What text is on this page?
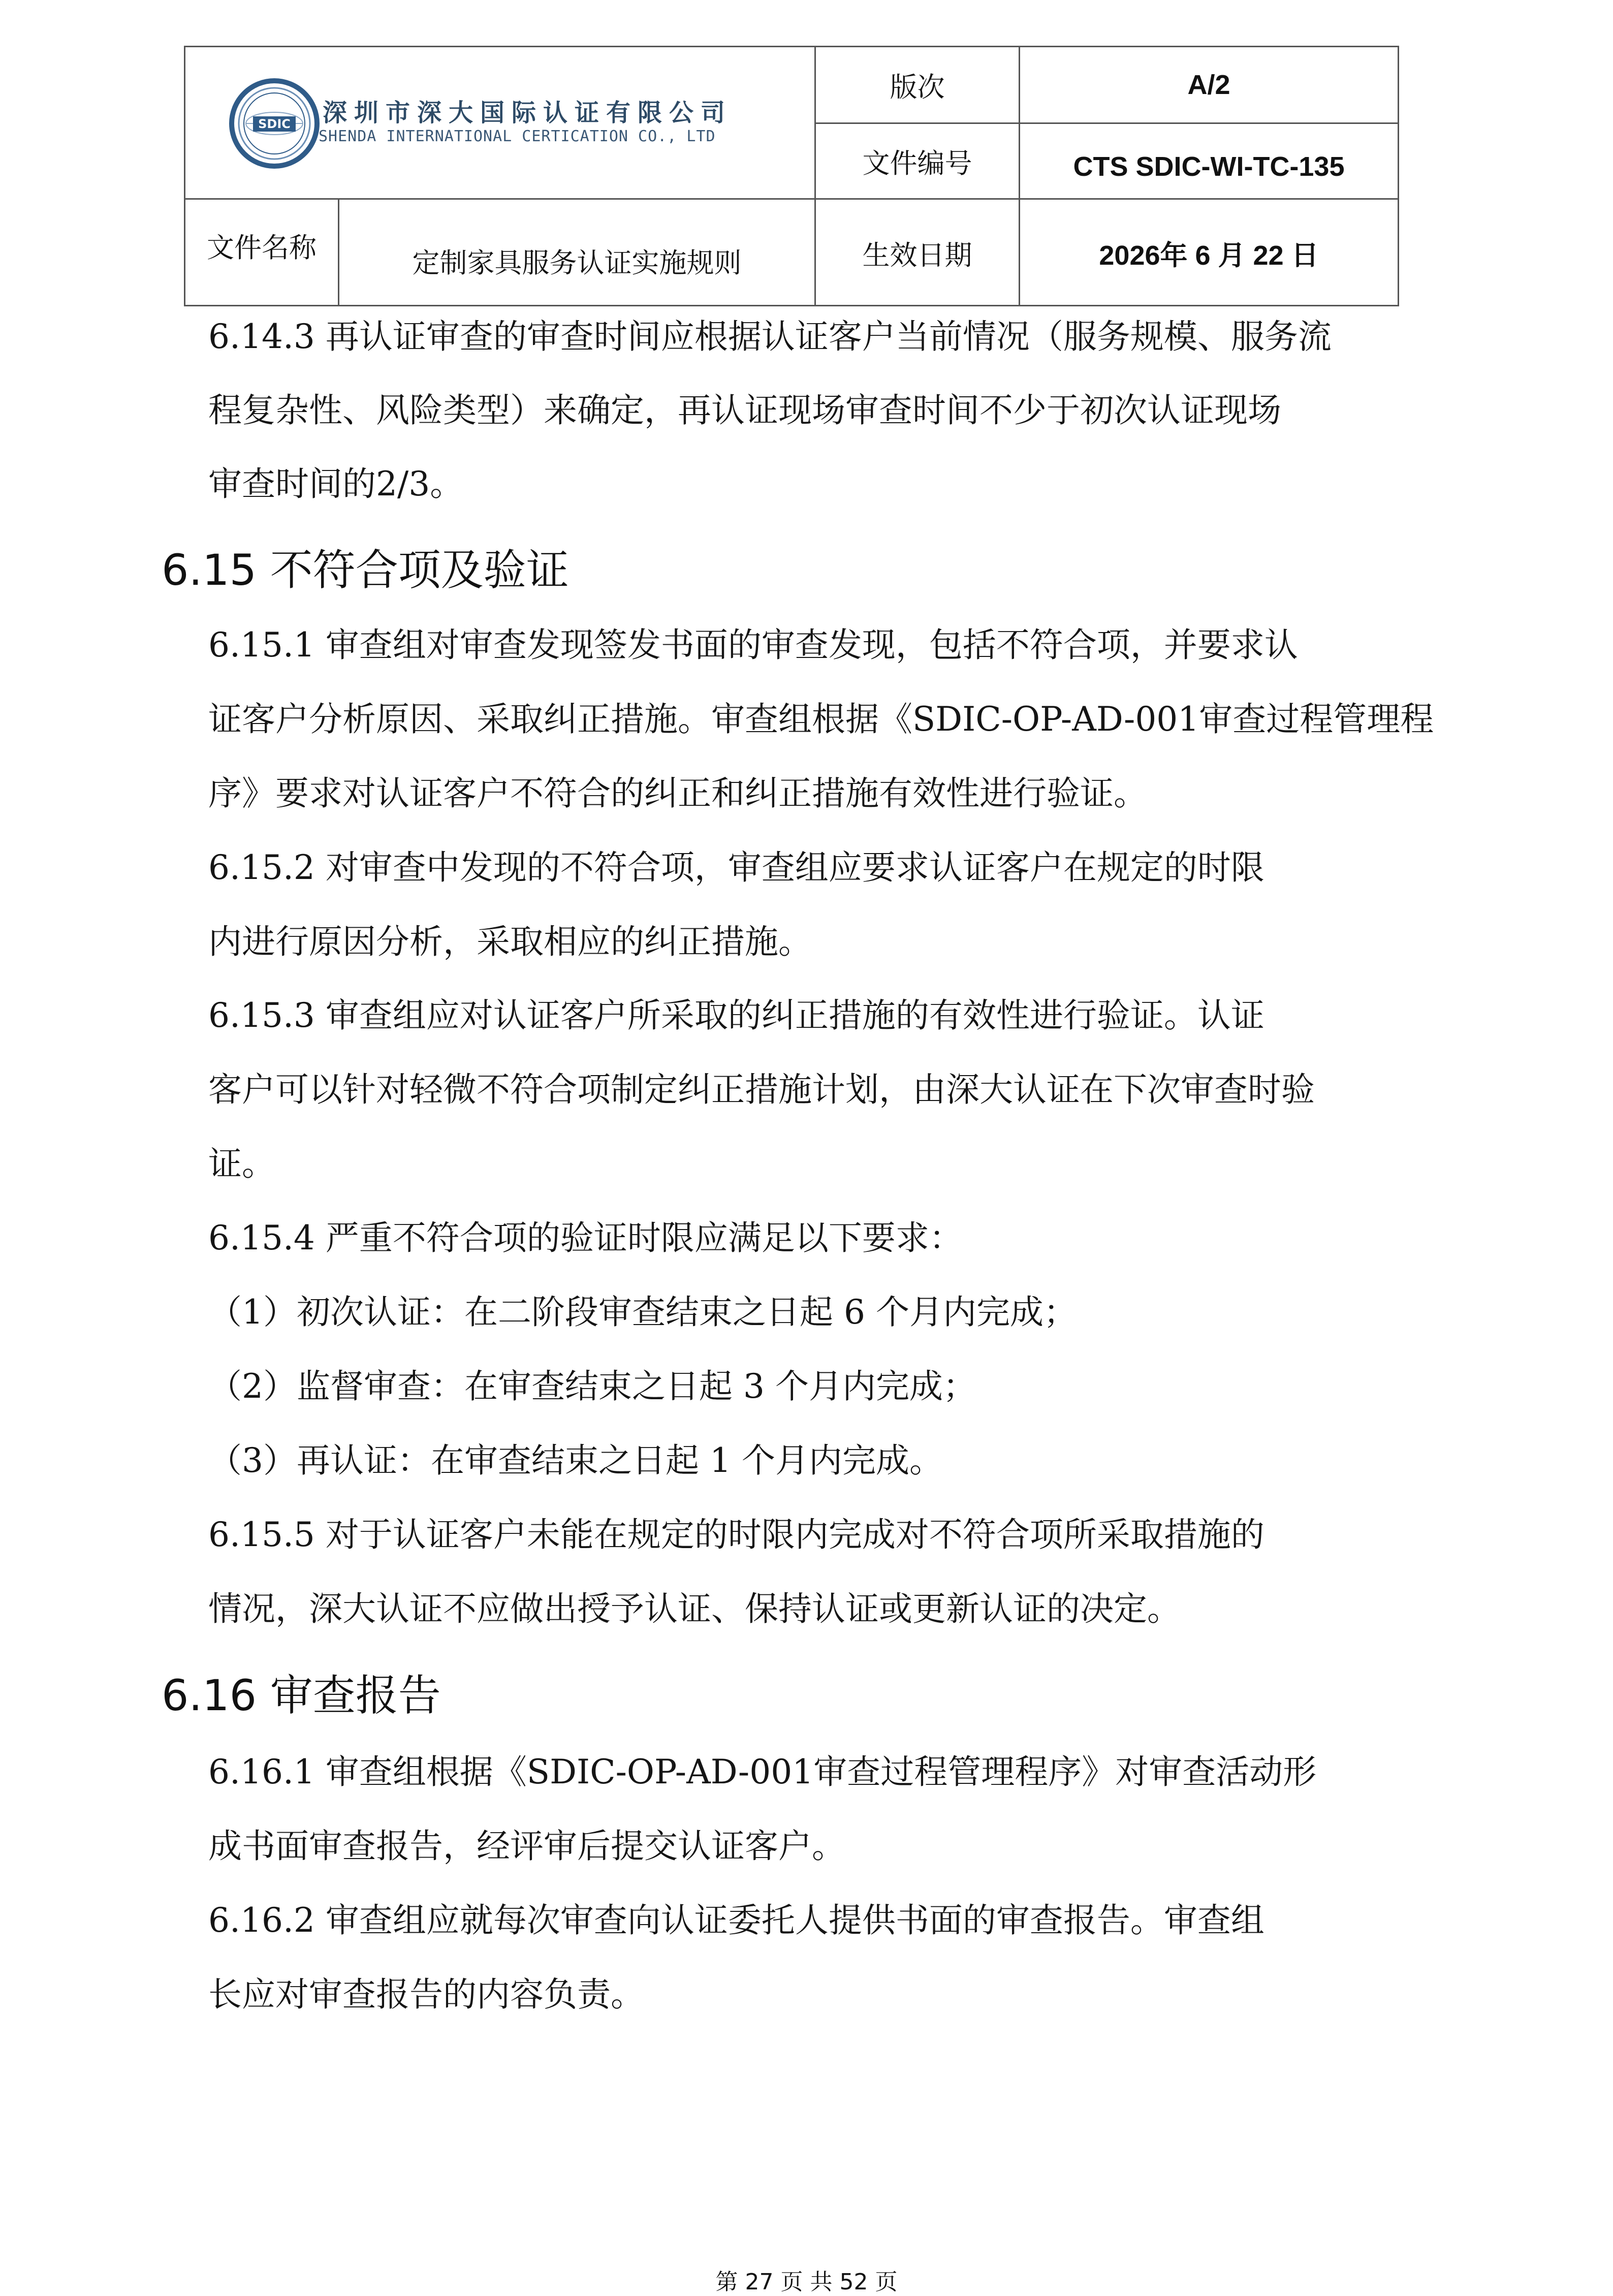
SDIC 深圳市深大国际认证有限公司
SHENDA INTERNATIONAL CERTICATION CO., LTD
版次	A/2
文件编号	CTS SDIC-WI-TC-135
文件名称	定制家具服务认证实施规则	生效日期	2026年 6 月 22 日
6.14.3 再认证审查的审查时间应根据认证客户当前情况（服务规模、服务流
程复杂性、风险类型）来确定，再认证现场审查时间不少于初次认证现场
审查时间的2/3。
6.15 不符合项及验证
6.15.1 审查组对审查发现签发书面的审查发现，包括不符合项，并要求认
证客户分析原因、采取纠正措施。审查组根据《SDIC-OP-AD-001审查过程管理程
序》要求对认证客户不符合的纠正和纠正措施有效性进行验证。
6.15.2 对审查中发现的不符合项，审查组应要求认证客户在规定的时限
内进行原因分析，采取相应的纠正措施。
6.15.3 审查组应对认证客户所采取的纠正措施的有效性进行验证。认证
客户可以针对轻微不符合项制定纠正措施计划，由深大认证在下次审查时验
证。
6.15.4 严重不符合项的验证时限应满足以下要求：
（1）初次认证：在二阶段审查结束之日起 6 个月内完成；
（2）监督审查：在审查结束之日起 3 个月内完成；
（3）再认证：在审查结束之日起 1 个月内完成。
6.15.5 对于认证客户未能在规定的时限内完成对不符合项所采取措施的
情况，深大认证不应做出授予认证、保持认证或更新认证的决定。
6.16 审查报告
6.16.1 审查组根据《SDIC-OP-AD-001审查过程管理程序》对审查活动形
成书面审查报告，经评审后提交认证客户。
6.16.2 审查组应就每次审查向认证委托人提供书面的审查报告。审查组
长应对审查报告的内容负责。
第 27 页 共 52 页
